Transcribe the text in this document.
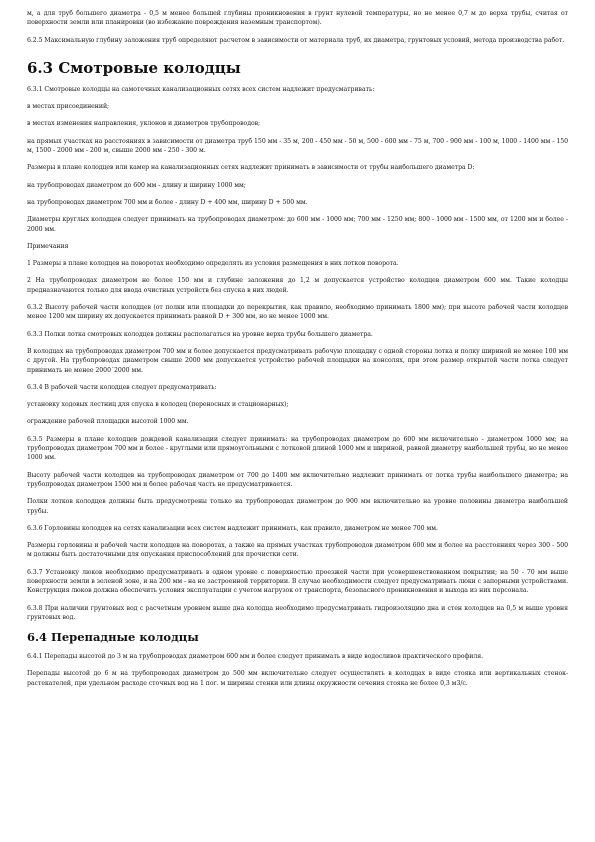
м, а для труб большего диаметра - 0,5 м менее большей глубины проникновения в грунт нулевой температуры, но не менее 0,7 м до верха трубы, считая от поверхности земли или планировки (во избежание повреждения наземным транспортом).

6.2.5 Максимальную глубину заложения труб определяют расчетом в зависимости от материала труб, их диаметра, грунтовых условий, метода производства работ.

6.3 Смотровые колодцы

6.3.1 Смотровые колодцы на самотечных канализационных сетях всех систем надлежит предусматривать:

в местах присоединений;

в местах изменения направления, уклонов и диаметров трубопроводов;

на прямых участках на расстояниях в зависимости от диаметра труб 150 мм - 35 м, 200 - 450 мм - 50 м, 500 - 600 мм - 75 м, 700 - 900 мм - 100 м, 1000 - 1400 мм - 150 м, 1500 - 2000 мм - 200 м, свыше 2000 мм - 250 - 300 м.

Размеры в плане колодцев или камер на канализационных сетях надлежит принимать в зависимости от трубы наибольшего диаметра D:

на трубопроводах диаметром до 600 мм - длину и ширину 1000 мм;

на трубопроводах диаметром 700 мм и более - длину D + 400 мм, ширину D + 500 мм.

Диаметры круглых колодцев следует принимать на трубопроводах диаметром: до 600 мм - 1000 мм; 700 мм - 1250 мм; 800 - 1000 мм - 1500 мм, от 1200 мм и более - 2000 мм.

Примечания

1 Размеры в плане колодцев на поворотах необходимо определять из условия размещения в них лотков поворота.

2 На трубопроводах диаметром не более 150 мм и глубине заложения до 1,2 м допускается устройство колодцев диаметром 600 мм. Такие колодцы предназначаются только для ввода очистных устройств без спуска в них людей.

6.3.2 Высоту рабочей части колодцев (от полки или площадки до перекрытия, как правило, необходимо принимать 1800 мм); при высоте рабочей части колодцев менее 1200 мм ширину их допускается принимать равной D + 300 мм, но не менее 1000 мм.

6.3.3 Полки лотка смотровых колодцев должны располагаться на уровне верха трубы большего диаметра.

В колодцах на трубопроводах диаметром 700 мм и более допускается предусматривать рабочую площадку с одной стороны лотка и полку шириной не менее 100 мм с другой. На трубопроводах диаметром свыше 2000 мм допускается устройство рабочей площадки на консолях, при этом размер открытой части лотка следует принимать не менее 2000´2000 мм.

6.3.4 В рабочей части колодцев следует предусматривать:

установку ходовых лестниц для спуска в колодец (переносных и стационарных);

ограждение рабочей площадки высотой 1000 мм.

6.3.5 Размеры в плане колодцев дождевой канализации следует принимать: на трубопроводах диаметром до 600 мм включительно - диаметром 1000 мм; на трубопроводах диаметром 700 мм и более - круглыми или прямоугольными с лотковой длиной 1000 мм и шириной, равной диаметру наибольшей трубы, но не менее 1000 мм.

Высоту рабочей части колодцев на трубопроводах диаметром от 700 до 1400 мм включительно надлежит принимать от лотка трубы наибольшего диаметра; на трубопроводах диаметром 1500 мм и более рабочая часть не предусматривается.

Полки лотков колодцев должны быть предусмотрены только на трубопроводах диаметром до 900 мм включительно на уровне половины диаметра наибольшей трубы.

6.3.6 Горловины колодцев на сетях канализации всех систем надлежит принимать, как правило, диаметром не менее 700 мм.

Размеры горловины и рабочей части колодцев на поворотах, а также на прямых участках трубопроводов диаметром 600 мм и более на расстояниях через 300 - 500 м должны быть достаточными для опускания приспособлений для прочистки сети.

6.3.7 Установку люков необходимо предусматривать в одном уровне с поверхностью проезжей части при усовершенствованном покрытии; на 50 - 70 мм выше поверхности земли в зеленой зоне, и на 200 мм - на не застроенной территории. В случае необходимости следует предусматривать люки с запорными устройствами. Конструкция люков должна обеспечить условия эксплуатации с учетом нагрузок от транспорта, безопасного проникновения и выхода из них персонала.

6.3.8 При наличии грунтовых вод с расчетным уровнем выше дна колодца необходимо предусматривать гидроизоляцию дна и стен колодцев на 0,5 м выше уровня грунтовых вод.

6.4 Перепадные колодцы

6.4.1 Перепады высотой до 3 м на трубопроводах диаметром 600 мм и более следует принимать в виде водосливов практического профиля.

Перепады высотой до 6 м на трубопроводах диаметром до 500 мм включительно следует осуществлять в колодцах в виде стояка или вертикальных стенок-растекателей, при удельном расходе сточных вод на 1 пог. м ширины стенки или длины окружности сечения стояка не более 0,3 м3/с.
